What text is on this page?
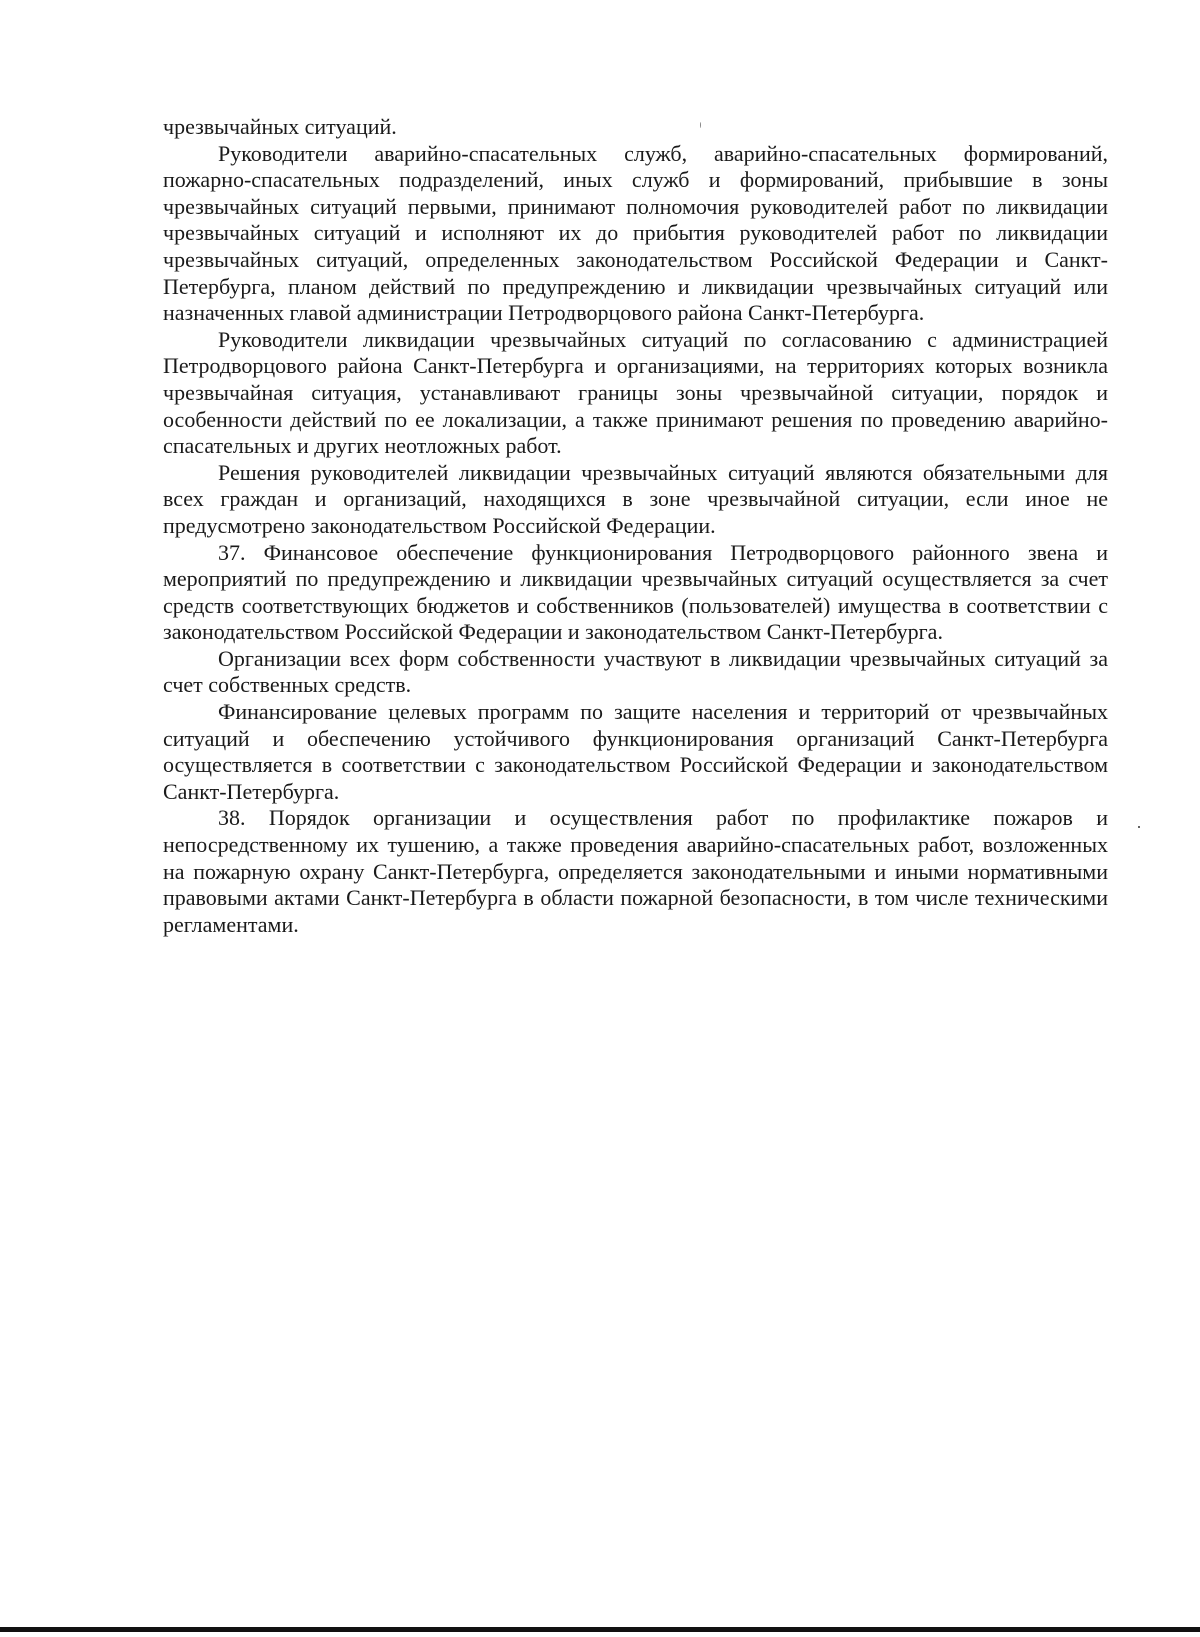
чрезвычайных ситуаций.

Руководители аварийно-спасательных служб, аварийно-спасательных формирований, пожарно-спасательных подразделений, иных служб и формирований, прибывшие в зоны чрезвычайных ситуаций первыми, принимают полномочия руководителей работ по ликвидации чрезвычайных ситуаций и исполняют их до прибытия руководителей работ по ликвидации чрезвычайных ситуаций, определенных законодательством Российской Федерации и Санкт-Петербурга, планом действий по предупреждению и ликвидации чрезвычайных ситуаций или назначенных главой администрации Петродворцового района Санкт-Петербурга.

Руководители ликвидации чрезвычайных ситуаций по согласованию с администрацией Петродворцового района Санкт-Петербурга и организациями, на территориях которых возникла чрезвычайная ситуация, устанавливают границы зоны чрезвычайной ситуации, порядок и особенности действий по ее локализации, а также принимают решения по проведению аварийно-спасательных и других неотложных работ.

Решения руководителей ликвидации чрезвычайных ситуаций являются обязательными для всех граждан и организаций, находящихся в зоне чрезвычайной ситуации, если иное не предусмотрено законодательством Российской Федерации.

37. Финансовое обеспечение функционирования Петродворцового районного звена и мероприятий по предупреждению и ликвидации чрезвычайных ситуаций осуществляется за счет средств соответствующих бюджетов и собственников (пользователей) имущества в соответствии с законодательством Российской Федерации и законодательством Санкт-Петербурга.

Организации всех форм собственности участвуют в ликвидации чрезвычайных ситуаций за счет собственных средств.

Финансирование целевых программ по защите населения и территорий от чрезвычайных ситуаций и обеспечению устойчивого функционирования организаций Санкт-Петербурга осуществляется в соответствии с законодательством Российской Федерации и законодательством Санкт-Петербурга.

38. Порядок организации и осуществления работ по профилактике пожаров и непосредственному их тушению, а также проведения аварийно-спасательных работ, возложенных на пожарную охрану Санкт-Петербурга, определяется законодательными и иными нормативными правовыми актами Санкт-Петербурга в области пожарной безопасности, в том числе техническими регламентами.
